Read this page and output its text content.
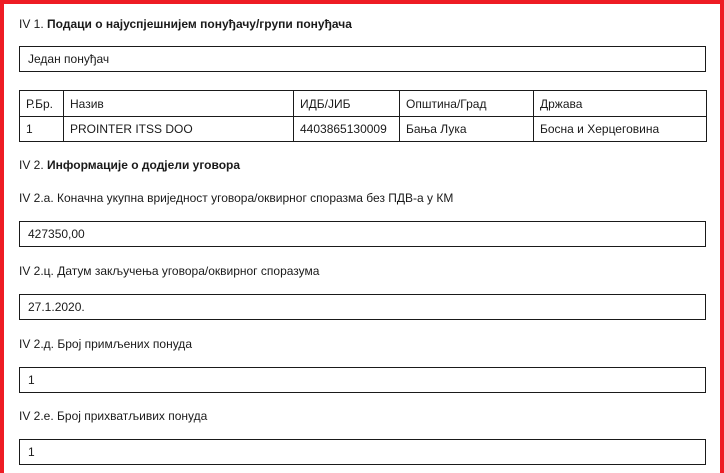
IV 1. Подаци о најуспјешнијем понуђачу/групи понуђача
Један понуђач
Р.Бр.	Назив	ИДБ/ЈИБ	Општина/Град	Држава
1	PROINTER ITSS DOO	4403865130009	Бања Лука	Босна и Херцеговина
IV 2. Информације о додјели уговора
IV 2.а. Коначна укупна вриједност уговора/оквирног споразма без ПДВ-а у КМ
427350,00
IV 2.ц. Датум закључења уговора/оквирног споразума
27.1.2020.
IV 2.д. Број примљених понуда
1
IV 2.е. Број прихватљивих понуда
1
